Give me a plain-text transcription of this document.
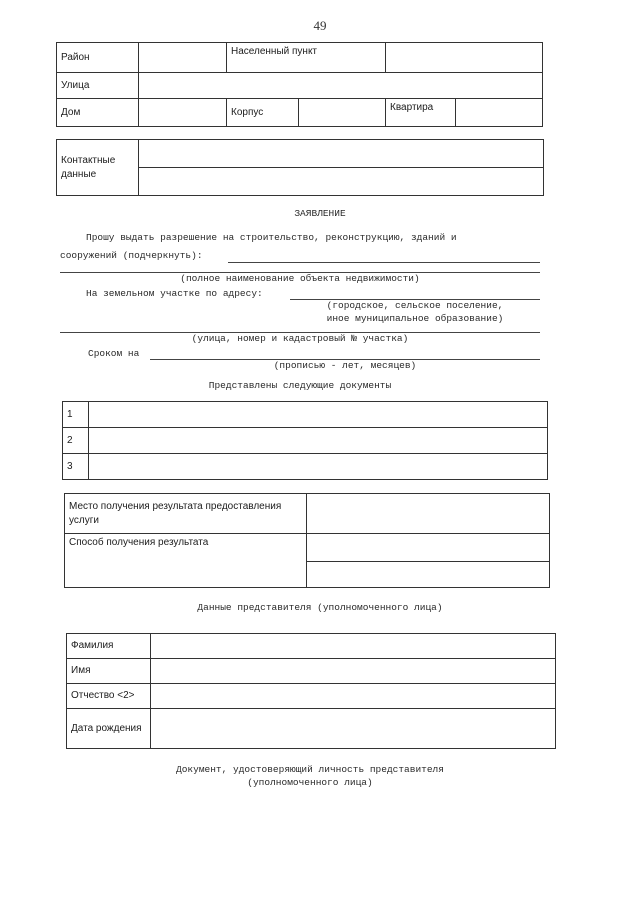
49
Район		Населенный пункт			
Улица					
Дом		Корпус		Квартира	
Контактные данные	

ЗАЯВЛЕНИЕ
Прошу выдать разрешение на строительство, реконструкцию, зданий и
сооружений (подчеркнуть):
(полное наименование объекта недвижимости)
На земельном участке по адресу:
(городское, сельское поселение,
иное муниципальное образование)
(улица, номер и кадастровый № участка)
Сроком на
(прописью - лет, месяцев)
Представлены следующие документы
1	
2	
3	
Место получения результата предоставления услуги	
Способ получения результата	

Данные представителя (уполномоченного лица)
Фамилия	
Имя	
Отчество <2>	
Дата рождения	
Документ, удостоверяющий личность представителя
(уполномоченного лица)
